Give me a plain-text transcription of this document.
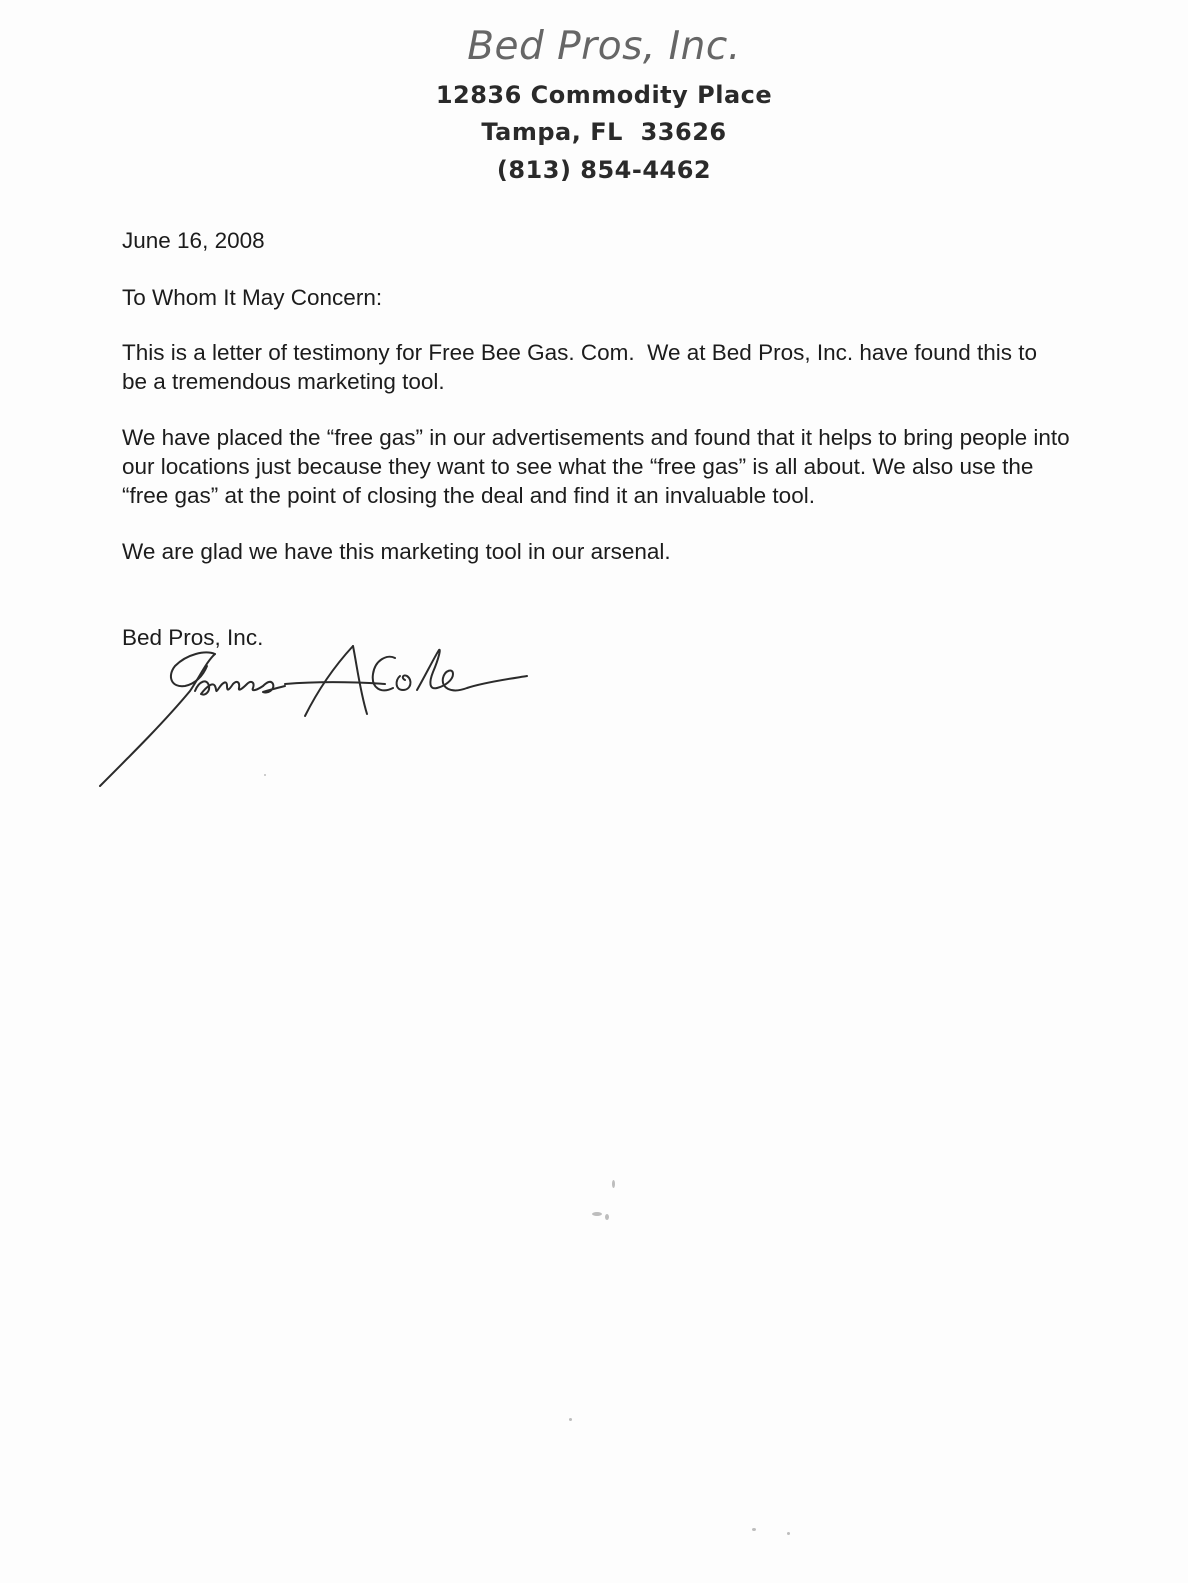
Bed Pros, Inc.
12836 Commodity Place
Tampa, FL  33626
(813) 854-4462

June 16, 2008

To Whom It May Concern:

This is a letter of testimony for Free Bee Gas. Com.  We at Bed Pros, Inc. have found this to be a tremendous marketing tool.

We have placed the “free gas” in our advertisements and found that it helps to bring people into our locations just because they want to see what the “free gas” is all about. We also use the “free gas” at the point of closing the deal and find it an invaluable tool.

We are glad we have this marketing tool in our arsenal.

Bed Pros, Inc.
